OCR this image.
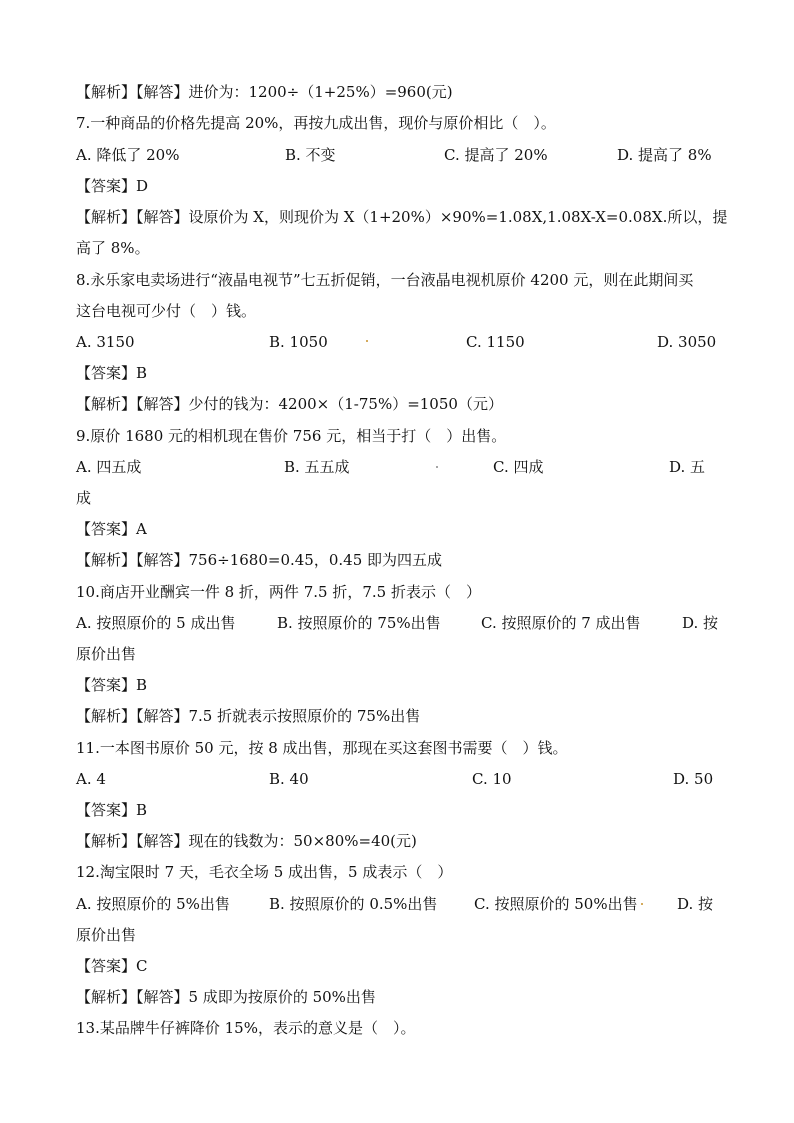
【解析】【解答】进价为：1200÷（1+25%）=960(元)
7.一种商品的价格先提高 20%，再按九成出售，现价与原价相比（　）。
A. 降低了 20%	B. 不变	C. 提高了 20%	D. 提高了 8%
【答案】D
【解析】【解答】设原价为 X，则现价为 X（1+20%）×90%=1.08X,1.08X-X=0.08X.所以，提
高了 8%。
8.永乐家电卖场进行“液晶电视节”七五折促销，一台液晶电视机原价 4200 元，则在此期间买
这台电视可少付（　）钱。
A. 3150	B. 1050	C. 1150	D. 3050
【答案】B
【解析】【解答】少付的钱为：4200×（1-75%）=1050（元）
9.原价 1680 元的相机现在售价 756 元，相当于打（　）出售。
A. 四五成	B. 五五成	C. 四成	D. 五
成
【答案】A
【解析】【解答】756÷1680=0.45，0.45 即为四五成
10.商店开业酬宾一件 8 折，两件 7.5 折，7.5 折表示（　）
A. 按照原价的 5 成出售	B. 按照原价的 75%出售	C. 按照原价的 7 成出售	D. 按
原价出售
【答案】B
【解析】【解答】7.5 折就表示按照原价的 75%出售
11.一本图书原价 50 元，按 8 成出售，那现在买这套图书需要（　）钱。
A. 4	B. 40	C. 10	D. 50
【答案】B
【解析】【解答】现在的钱数为：50×80%=40(元)
12.淘宝限时 7 天，毛衣全场 5 成出售，5 成表示（　）
A. 按照原价的 5%出售	B. 按照原价的 0.5%出售 C. 按照原价的 50%出售	D. 按
原价出售
【答案】C
【解析】【解答】5 成即为按原价的 50%出售
13.某品牌牛仔裤降价 15%，表示的意义是（　）。
